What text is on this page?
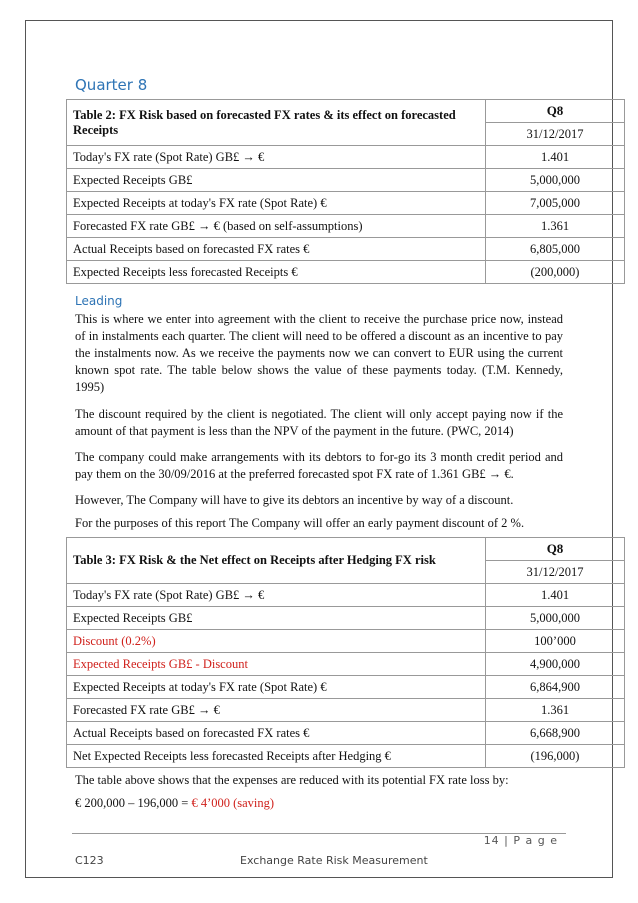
Quarter 8
Table 2: FX Risk based on forecasted FX rates & its effect on forecasted Receipts	Q8
	31/12/2017
Today's FX rate (Spot Rate) GB£ → €	1.401
Expected Receipts GB£	5,000,000
Expected Receipts at today's FX rate (Spot Rate) €	7,005,000
Forecasted FX rate GB£ → € (based on self-assumptions)	1.361
Actual Receipts based on forecasted FX rates €	6,805,000
Expected Receipts less forecasted Receipts €	(200,000)
Leading

This is where we enter into agreement with the client to receive the purchase price now, instead of in instalments each quarter. The client will need to be offered a discount as an incentive to pay the instalments now. As we receive the payments now we can convert to EUR using the current known spot rate. The table below shows the value of these payments today. (T.M. Kennedy, 1995)

The discount required by the client is negotiated. The client will only accept paying now if the amount of that payment is less than the NPV of the payment in the future. (PWC, 2014)

The company could make arrangements with its debtors to for-go its 3 month credit period and pay them on the 30/09/2016 at the preferred forecasted spot FX rate of 1.361 GB£ → €.

However, The Company will have to give its debtors an incentive by way of a discount.

For the purposes of this report The Company will offer an early payment discount of 2 %.

Table 3: FX Risk & the Net effect on Receipts after Hedging FX risk	Q8
	31/12/2017
Today's FX rate (Spot Rate) GB£ → €	1.401
Expected Receipts GB£	5,000,000
Discount (0.2%)	100’000
Expected Receipts GB£ - Discount	4,900,000
Expected Receipts at today's FX rate (Spot Rate) €	6,864,900
Forecasted FX rate GB£ → €	1.361
Actual Receipts based on forecasted FX rates €	6,668,900
Net Expected Receipts less forecasted Receipts after Hedging €	(196,000)

The table above shows that the expenses are reduced with its potential FX rate loss by:

€ 200,000 – 196,000 = € 4’000 (saving)

14 | P a g e
C123	Exchange Rate Risk Measurement
